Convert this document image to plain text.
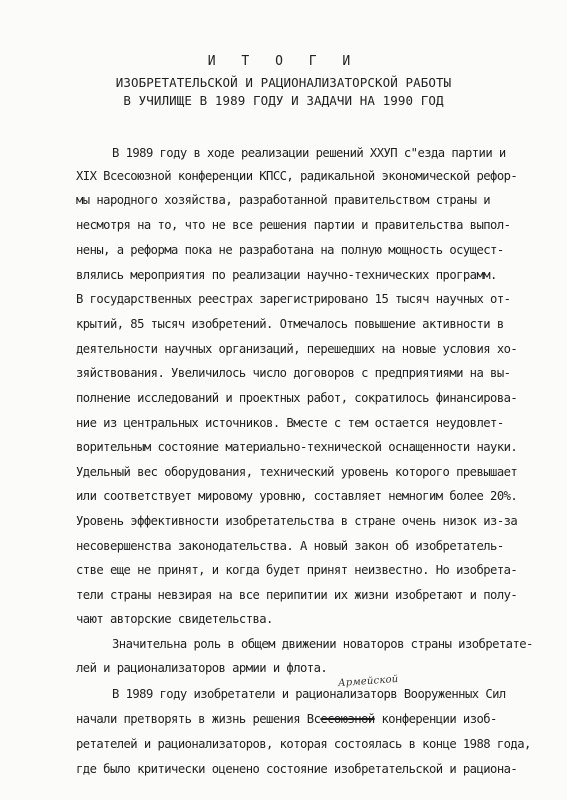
И Т О Г И
ИЗОБРЕТАТЕЛЬСКОЙ И РАЦИОНАЛИЗАТОРСКОЙ РАБОТЫ
В УЧИЛИЩЕ В 1989 ГОДУ И ЗАДАЧИ НА 1990 ГОД
В 1989 году в ходе реализации решений ХХУП с"езда партии и
XIX Всесоюзной конференции КПСС, радикальной экономической рефор-
мы народного хозяйства, разработанной правительством страны и
несмотря на то, что не все решения партии и правительства выпол-
нены, а реформа пока не разработана на полную мощность осущест-
влялись мероприятия по реализации научно-технических программ.
В государственных реестрах зарегистрировано 15 тысяч научных от-
крытий, 85 тысяч изобретений. Отмечалось повышение активности в
деятельности научных организаций, перешедших на новые условия хо-
зяйствования. Увеличилось число договоров с предприятиями на вы-
полнение исследований и проектных работ, сократилось финансирова-
ние из центральных источников. Вместе с тем остается неудовлет-
ворительным состояние материально-технической оснащенности науки.
Удельный вес оборудования, технический уровень которого превышает
или соответствует мировому уровню, составляет немногим более 20%.
Уровень эффективности изобретательства в стране очень низок из-за
несовершенства законодательства. А новый закон об изобретатель-
стве еще не принят, и когда будет принят неизвестно. Но изобрета-
тели страны невзирая на все перипитии их жизни изобретают и полу-
чают авторские свидетельства.
Значительна роль в общем движении новаторов страны изобретате-
лей и рационализаторов армии и флота.
В 1989 году изобретатели и рационализаторв Вооруженных Сил
Армейской
начали претворять в жизнь решения Всесоюзной конференции изоб-
ретателей и рационализаторов, которая состоялась в конце 1988 года,
где было критически оценено состояние изобретательской и рациона-
